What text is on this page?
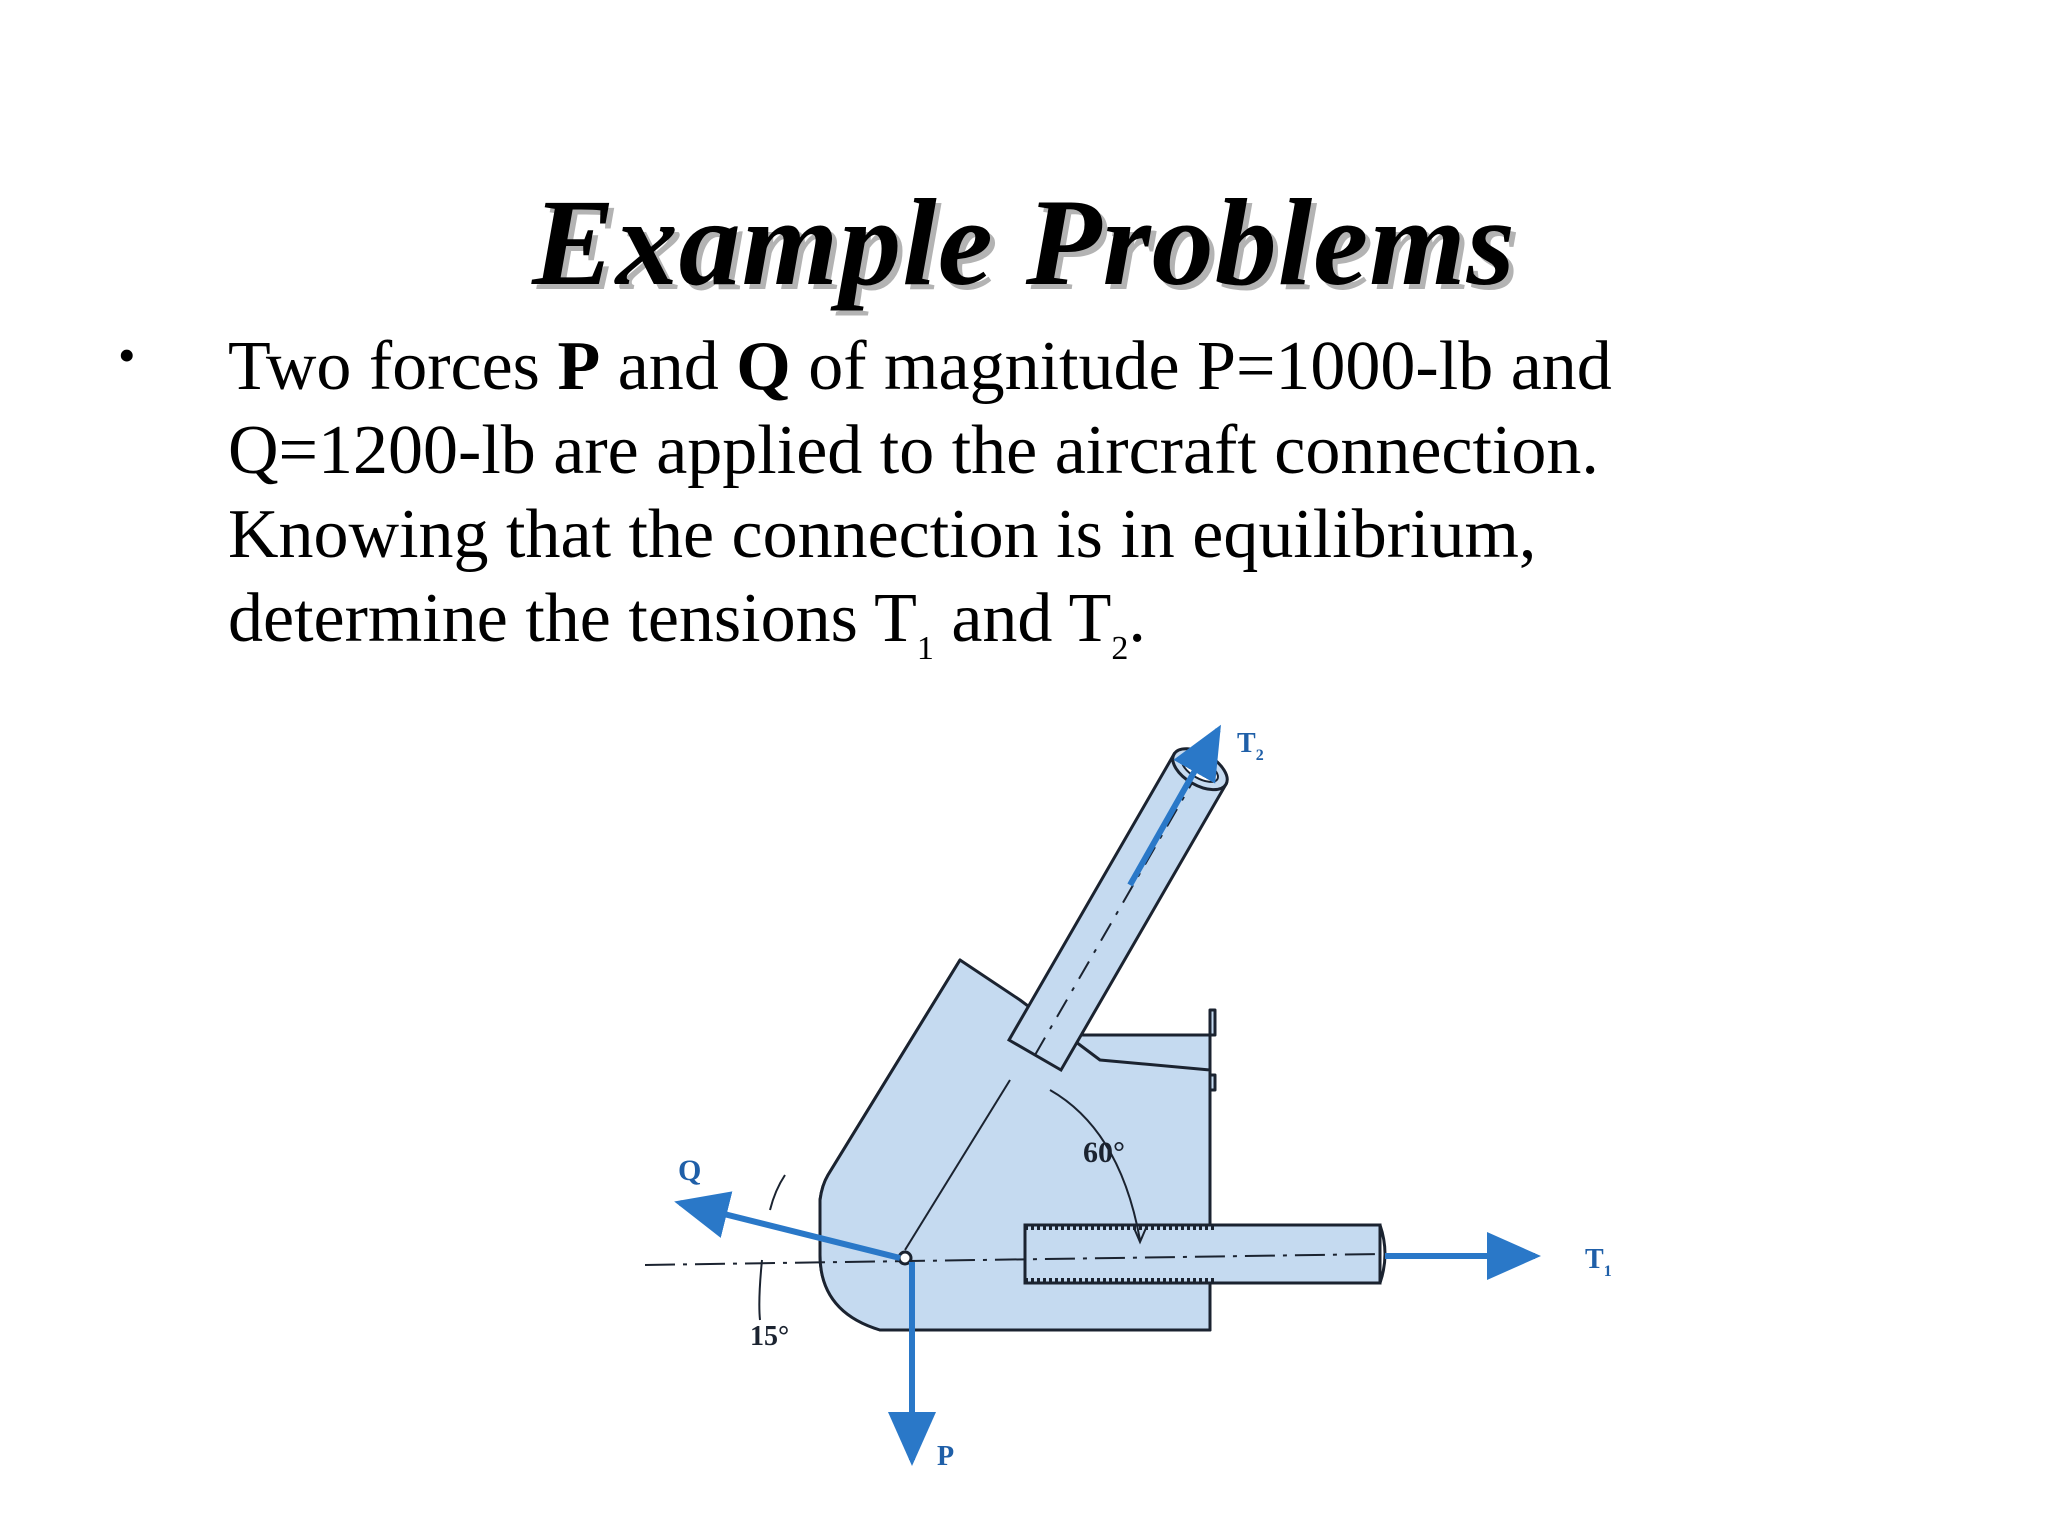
Example Problems
• Two forces P and Q of magnitude P=1000-lb and
Q=1200-lb are applied to the aircraft connection.
Knowing that the connection is in equilibrium,
determine the tensions $T_1$ and $T_2$.
$T_2$
$T_1$
Q
P
60°
15°
